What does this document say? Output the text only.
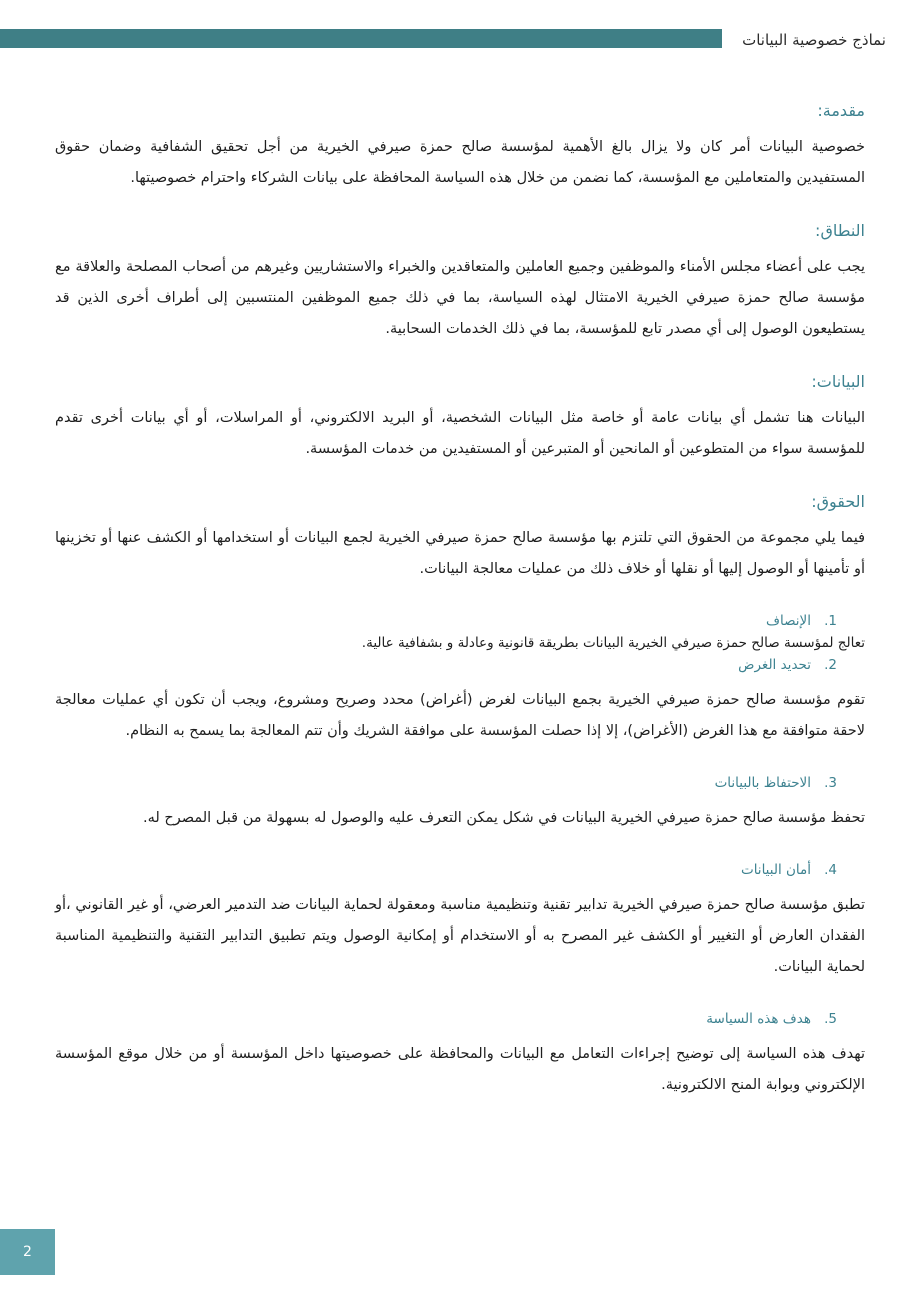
نماذج خصوصية البيانات
مقدمة:

خصوصية البيانات أمر كان ولا يزال بالغ الأهمية لمؤسسة صالح حمزة صيرفي الخيرية من أجل تحقيق الشفافية وضمان حقوق المستفيدين والمتعاملين مع المؤسسة، كما نضمن من خلال هذه السياسة المحافظة على بيانات الشركاء واحترام خصوصيتها.

النطاق:

يجب على أعضاء مجلس الأمناء والموظفين وجميع العاملين والمتعاقدين والخبراء والاستشاريين وغيرهم من أصحاب المصلحة والعلاقة مع مؤسسة صالح حمزة صيرفي الخيرية الامتثال لهذه السياسة، بما في ذلك جميع الموظفين المنتسبين إلى أطراف أخرى الذين قد يستطيعون الوصول إلى أي مصدر تابع للمؤسسة، بما في ذلك الخدمات السحابية.

البيانات:

البيانات هنا تشمل أي بيانات عامة أو خاصة مثل البيانات الشخصية، أو البريد الالكتروني، أو المراسلات، أو أي بيانات أخرى تقدم للمؤسسة سواء من المتطوعين أو المانحين أو المتبرعين أو المستفيدين من خدمات المؤسسة.

الحقوق:

فيما يلي مجموعة من الحقوق التي تلتزم بها مؤسسة صالح حمزة صيرفي الخيرية لجمع البيانات أو استخدامها أو الكشف عنها أو تخزينها أو تأمينها أو الوصول إليها أو نقلها أو خلاف ذلك من عمليات معالجة البيانات.

1.الإنصاف

تعالج لمؤسسة صالح حمزة صيرفي الخيرية البيانات بطريقة قانونية وعادلة و بشفافية عالية.

2.تحديد الغرض

تقوم مؤسسة صالح حمزة صيرفي الخيرية بجمع البيانات لغرض (أغراض) محدد وصريح ومشروع، ويجب أن تكون أي عمليات معالجة لاحقة متوافقة مع هذا الغرض (الأغراض)، إلا إذا حصلت المؤسسة على موافقة الشريك وأن تتم المعالجة بما يسمح به النظام.

3.الاحتفاظ بالبيانات

تحفظ مؤسسة صالح حمزة صيرفي الخيرية البيانات في شكل يمكن التعرف عليه والوصول له بسهولة من قبل المصرح له.

4.أمان البيانات

تطبق مؤسسة صالح حمزة صيرفي الخيرية تدابير تقنية وتنظيمية مناسبة ومعقولة لحماية البيانات ضد التدمير العرضي، أو غير القانوني ،أو الفقدان العارض أو التغيير أو الكشف غير المصرح به أو الاستخدام أو إمكانية الوصول ويتم تطبيق التدابير التقنية والتنظيمية المناسبة لحماية البيانات.

5.هدف هذه السياسة

تهدف هذه السياسة إلى توضيح إجراءات التعامل مع البيانات والمحافظة على خصوصيتها داخل المؤسسة أو من خلال موقع المؤسسة الإلكتروني وبوابة المنح الالكترونية.

2
